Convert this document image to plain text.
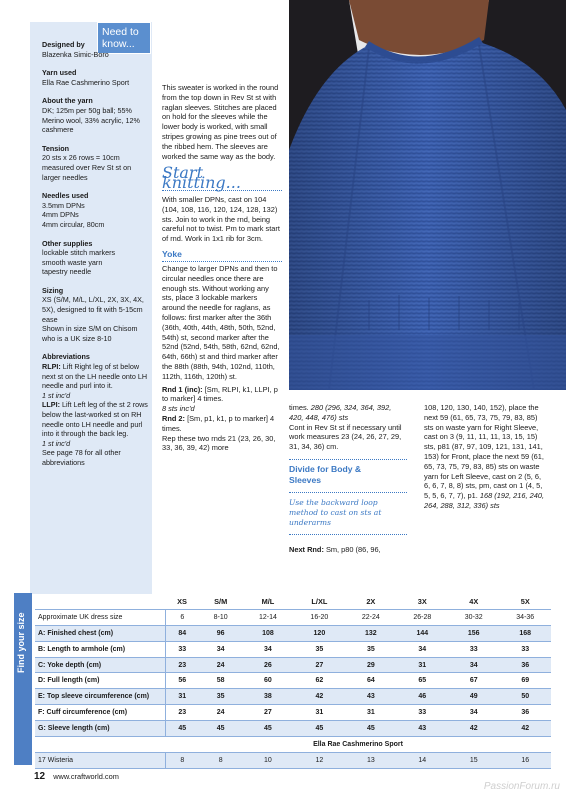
Need to know...
Designed by
Blazenka Simic-Boro
Yarn used
Ella Rae Cashmerino Sport
About the yarn
DK; 125m per 50g ball; 55% Merino wool, 33% acrylic, 12% cashmere
Tension
20 sts x 26 rows = 10cm measured over Rev St st on larger needles
Needles used
3.5mm DPNs
4mm DPNs
4mm circular, 80cm
Other supplies
lockable stitch markers
smooth waste yarn
tapestry needle
Sizing
XS (S/M, M/L, L/XL, 2X, 3X, 4X, 5X), designed to fit with 5-15cm ease
Shown in size S/M on Chisom who is a UK size 8-10
Abbreviations
RLPI: Lift Right leg of st below next st on the LH needle onto LH needle and purl into it.
1 st inc'd
LLPI: Lift Left leg of the st 2 rows below the last-worked st on RH needle onto LH needle and purl into it through the back leg.
1 st inc'd
See page 78 for all other abbreviations

This sweater is worked in the round from the top down in Rev St st with raglan sleeves. Stitches are placed on hold for the sleeves while the lower body is worked, with small stripes growing as pine trees out of the ribbed hem. The sleeves are worked the same way as the body.

Start knitting...

With smaller DPNs, cast on 104 (104, 108, 116, 120, 124, 128, 132) sts. Join to work in the rnd, being careful not to twist. Pm to mark start of rnd. Work in 1x1 rib for 3cm.

Yoke

Change to larger DPNs and then to circular needles once there are enough sts. Without working any sts, place 3 lockable markers around the needle for raglans, as follows: first marker after the 36th (36th, 40th, 44th, 48th, 50th, 52nd, 54th) st, second marker after the 52nd (52nd, 54th, 58th, 62nd, 62nd, 64th, 66th) st and third marker after the 88th (88th, 94th, 102nd, 110th, 112th, 116th, 120th) st.

Rnd 1 (inc): [Sm, RLPI, k1, LLPI, p to marker] 4 times.

8 sts inc'd

Rnd 2: [Sm, p1, k1, p to marker] 4 times.

Rep these two rnds 21 (23, 26, 30, 33, 36, 39, 42) more

times. 280 (296, 324, 364, 392, 420, 448, 476) sts

Cont in Rev St st if necessary until work measures 23 (24, 26, 27, 29, 31, 34, 36) cm.

Divide for Body & Sleeves
Use the backward loop method to cast on sts at underarms

Next Rnd: Sm, p80 (86, 96,

108, 120, 130, 140, 152), place the next 59 (61, 65, 73, 75, 79, 83, 85) sts on waste yarn for Right Sleeve, cast on 3 (9, 11, 11, 11, 13, 15, 15) sts, p81 (87, 97, 109, 121, 131, 141, 153) for Front, place the next 59 (61, 65, 73, 75, 79, 83, 85) sts on waste yarn for Left Sleeve, cast on 2 (5, 6, 6, 6, 7, 8, 8) sts, pm, cast on 1 (4, 5, 5, 5, 6, 7, 7), p1. 168 (192, 216, 240, 264, 288, 312, 336) sts

Find your size
	XS	S/M	M/L	L/XL	2X	3X	4X	5X
Approximate UK dress size	6	8-10	12-14	16-20	22-24	26-28	30-32	34-36
A: Finished chest (cm)	84	96	108	120	132	144	156	168
B: Length to armhole (cm)	33	34	34	35	35	34	33	33
C: Yoke depth (cm)	23	24	26	27	29	31	34	36
D: Full length (cm)	56	58	60	62	64	65	67	69
E: Top sleeve circumference (cm)	31	35	38	42	43	46	49	50
F: Cuff circumference (cm)	23	24	27	31	31	33	34	36
G: Sleeve length (cm)	45	45	45	45	45	43	42	42
	Ella Rae Cashmerino Sport							
17 Wisteria	8	8	10	12	13	14	15	16
12 www.craftworld.com
PassionForum.ru
